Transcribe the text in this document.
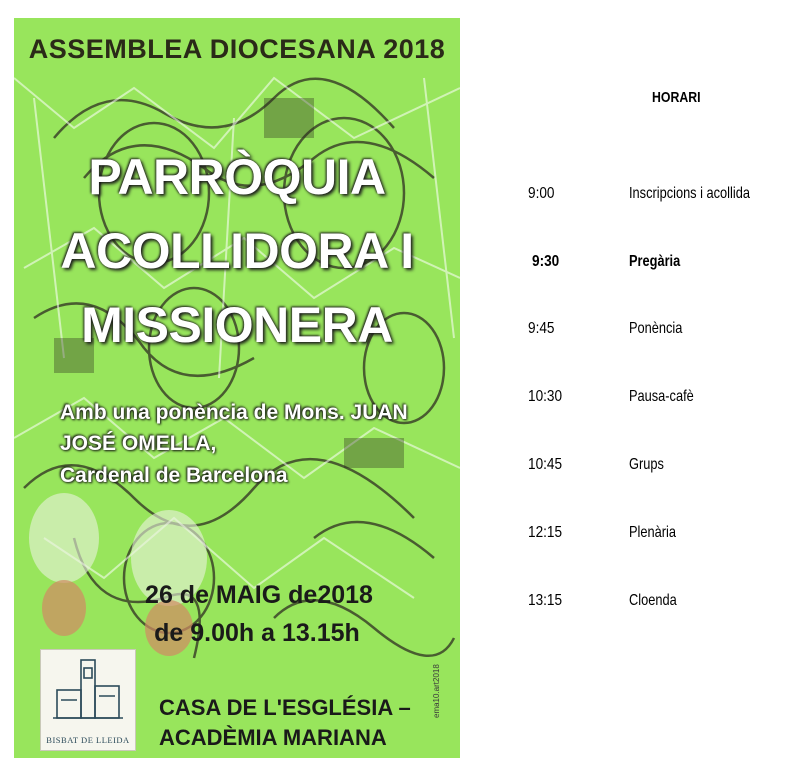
ASSEMBLEA DIOCESANA 2018
PARRÒQUIA
ACOLLIDORA I
MISSIONERA
Amb una ponència de Mons. JUAN
JOSÉ OMELLA,
Cardenal de Barcelona
26 de MAIG de2018
de 9.00h a 13.15h
BISBAT DE LLEIDA
CASA DE L'ESGLÉSIA –
ACADÈMIA MARIANA
ema10.art2018
HORARI
9:00	Inscripcions i acollida
9:30	Pregària
9:45	Ponència
10:30	Pausa-cafè
10:45	Grups
12:15	Plenària
13:15	Cloenda
